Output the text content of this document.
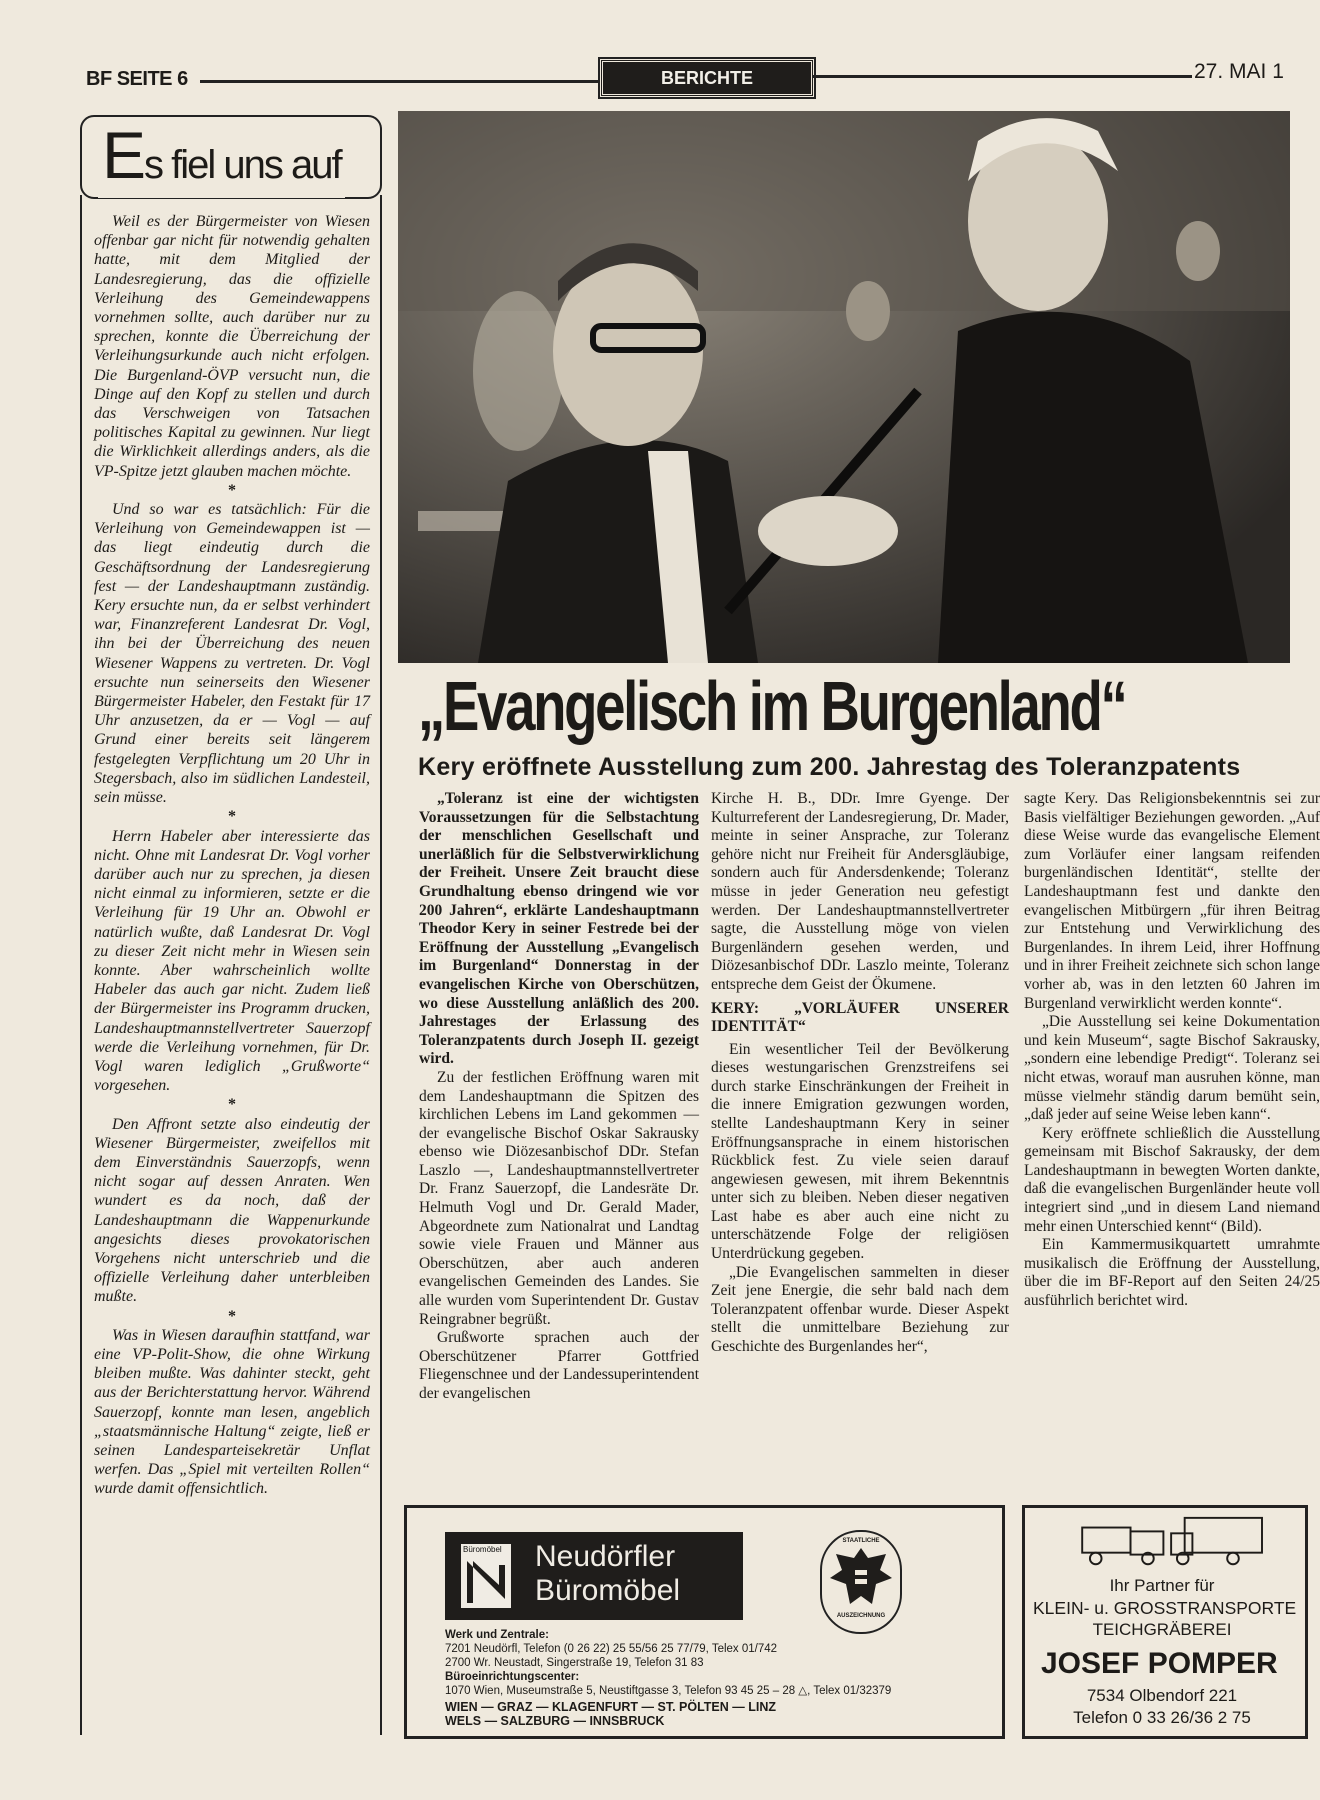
BF SEITE 6	BERICHTE	27. MAI 1
Es fiel uns auf

Weil es der Bürgermeister von Wiesen offenbar gar nicht für notwendig gehalten hatte, mit dem Mitglied der Landesregierung, das die offizielle Verleihung des Gemeindewappens vornehmen sollte, auch darüber nur zu sprechen, konnte die Überreichung der Verleihungsurkunde auch nicht erfolgen. Die Burgenland-ÖVP versucht nun, die Dinge auf den Kopf zu stellen und durch das Verschweigen von Tatsachen politisches Kapital zu gewinnen. Nur liegt die Wirklichkeit allerdings anders, als die VP-Spitze jetzt glauben machen möchte.

*

Und so war es tatsächlich: Für die Verleihung von Gemeindewappen ist — das liegt eindeutig durch die Geschäftsordnung der Landesregierung fest — der Landeshauptmann zuständig. Kery ersuchte nun, da er selbst verhindert war, Finanzreferent Landesrat Dr. Vogl, ihn bei der Überreichung des neuen Wiesener Wappens zu vertreten. Dr. Vogl ersuchte nun seinerseits den Wiesener Bürgermeister Habeler, den Festakt für 17 Uhr anzusetzen, da er — Vogl — auf Grund einer bereits seit längerem festgelegten Verpflichtung um 20 Uhr in Stegersbach, also im südlichen Landesteil, sein müsse.

*

Herrn Habeler aber interessierte das nicht. Ohne mit Landesrat Dr. Vogl vorher darüber auch nur zu sprechen, ja diesen nicht einmal zu informieren, setzte er die Verleihung für 19 Uhr an. Obwohl er natürlich wußte, daß Landesrat Dr. Vogl zu dieser Zeit nicht mehr in Wiesen sein konnte. Aber wahrscheinlich wollte Habeler das auch gar nicht. Zudem ließ der Bürgermeister ins Programm drucken, Landeshauptmannstellvertreter Sauerzopf werde die Verleihung vornehmen, für Dr. Vogl waren lediglich „Grußworte“ vorgesehen.

*

Den Affront setzte also eindeutig der Wiesener Bürgermeister, zweifellos mit dem Einverständnis Sauerzopfs, wenn nicht sogar auf dessen Anraten. Wen wundert es da noch, daß der Landeshauptmann die Wappenurkunde angesichts dieses provokatorischen Vorgehens nicht unterschrieb und die offizielle Verleihung daher unterbleiben mußte.

*

Was in Wiesen daraufhin stattfand, war eine VP-Polit-Show, die ohne Wirkung bleiben mußte. Was dahinter steckt, geht aus der Berichterstattung hervor. Während Sauerzopf, konnte man lesen, angeblich „staatsmännische Haltung“ zeigte, ließ er seinen Landesparteisekretär Unflat werfen. Das „Spiel mit verteilten Rollen“ wurde damit offensichtlich.

„Evangelisch im Burgenland“
Kery eröffnete Ausstellung zum 200. Jahrestag des Toleranzpatents

„Toleranz ist eine der wichtigsten Voraussetzungen für die Selbstachtung der menschlichen Gesellschaft und unerläßlich für die Selbstverwirklichung der Freiheit. Unsere Zeit braucht diese Grundhaltung ebenso dringend wie vor 200 Jahren“, erklärte Landeshauptmann Theodor Kery in seiner Festrede bei der Eröffnung der Ausstellung „Evangelisch im Burgenland“ Donnerstag in der evangelischen Kirche von Oberschützen, wo diese Ausstellung anläßlich des 200. Jahrestages der Erlassung des Toleranzpatents durch Joseph II. gezeigt wird.

Zu der festlichen Eröffnung waren mit dem Landeshauptmann die Spitzen des kirchlichen Lebens im Land gekommen — der evangelische Bischof Oskar Sakrausky ebenso wie Diözesanbischof DDr. Stefan Laszlo —, Landeshauptmannstellvertreter Dr. Franz Sauerzopf, die Landesräte Dr. Helmuth Vogl und Dr. Gerald Mader, Abgeordnete zum Nationalrat und Landtag sowie viele Frauen und Männer aus Oberschützen, aber auch anderen evangelischen Gemeinden des Landes. Sie alle wurden vom Superintendent Dr. Gustav Reingrabner begrüßt.

Grußworte sprachen auch der Oberschützener Pfarrer Gottfried Fliegenschnee und der Landessuperintendent der evangelischen

Kirche H. B., DDr. Imre Gyenge. Der Kulturreferent der Landesregierung, Dr. Mader, meinte in seiner Ansprache, zur Toleranz gehöre nicht nur Freiheit für Andersgläubige, sondern auch für Andersdenkende; Toleranz müsse in jeder Generation neu gefestigt werden. Der Landeshauptmannstellvertreter sagte, die Ausstellung möge von vielen Burgenländern gesehen werden, und Diözesanbischof DDr. Laszlo meinte, Toleranz entspreche dem Geist der Ökumene.

KERY: „VORLÄUFER UNSERER IDENTITÄT“

Ein wesentlicher Teil der Bevölkerung dieses westungarischen Grenzstreifens sei durch starke Einschränkungen der Freiheit in die innere Emigration gezwungen worden, stellte Landeshauptmann Kery in seiner Eröffnungsansprache in einem historischen Rückblick fest. Zu viele seien darauf angewiesen gewesen, mit ihrem Bekenntnis unter sich zu bleiben. Neben dieser negativen Last habe es aber auch eine nicht zu unterschätzende Folge der religiösen Unterdrückung gegeben.

„Die Evangelischen sammelten in dieser Zeit jene Energie, die sehr bald nach dem Toleranzpatent offenbar wurde. Dieser Aspekt stellt die unmittelbare Beziehung zur Geschichte des Burgenlandes her“,

sagte Kery. Das Religionsbekenntnis sei zur Basis vielfältiger Beziehungen geworden. „Auf diese Weise wurde das evangelische Element zum Vorläufer einer langsam reifenden burgenländischen Identität“, stellte der Landeshauptmann fest und dankte den evangelischen Mitbürgern „für ihren Beitrag zur Entstehung und Verwirklichung des Burgenlandes. In ihrem Leid, ihrer Hoffnung und in ihrer Freiheit zeichnete sich schon lange vorher ab, was in den letzten 60 Jahren im Burgenland verwirklicht werden konnte“.

„Die Ausstellung sei keine Dokumentation und kein Museum“, sagte Bischof Sakrausky, „sondern eine lebendige Predigt“. Toleranz sei nicht etwas, worauf man ausruhen könne, man müsse vielmehr ständig darum bemüht sein, „daß jeder auf seine Weise leben kann“.

Kery eröffnete schließlich die Ausstellung gemeinsam mit Bischof Sakrausky, der dem Landeshauptmann in bewegten Worten dankte, daß die evangelischen Burgenländer heute voll integriert sind „und in diesem Land niemand mehr einen Unterschied kennt“ (Bild).

Ein Kammermusikquartett umrahmte musikalisch die Eröffnung der Ausstellung, über die im BF-Report auf den Seiten 24/25 ausführlich berichtet wird.

Büromöbel	Neudörfler
Büromöbel
Werk und Zentrale:
7201 Neudörfl, Telefon (0 26 22) 25 55/56 25 77/79, Telex 01/742
2700 Wr. Neustadt, Singerstraße 19, Telefon 31 83
Büroeinrichtungscenter:
1070 Wien, Museumstraße 5, Neustiftgasse 3, Telefon 93 45 25 – 28 △, Telex 01/32379
WIEN — GRAZ — KLAGENFURT — ST. PÖLTEN — LINZ
WELS — SALZBURG — INNSBRUCK
STAATLICHE
AUSZEICHNUNG
Ihr Partner für
KLEIN- u. GROSSTRANSPORTE
TEICHGRÄBEREI
JOSEF POMPER
7534 Olbendorf 221
Telefon 0 33 26/36 2 75
